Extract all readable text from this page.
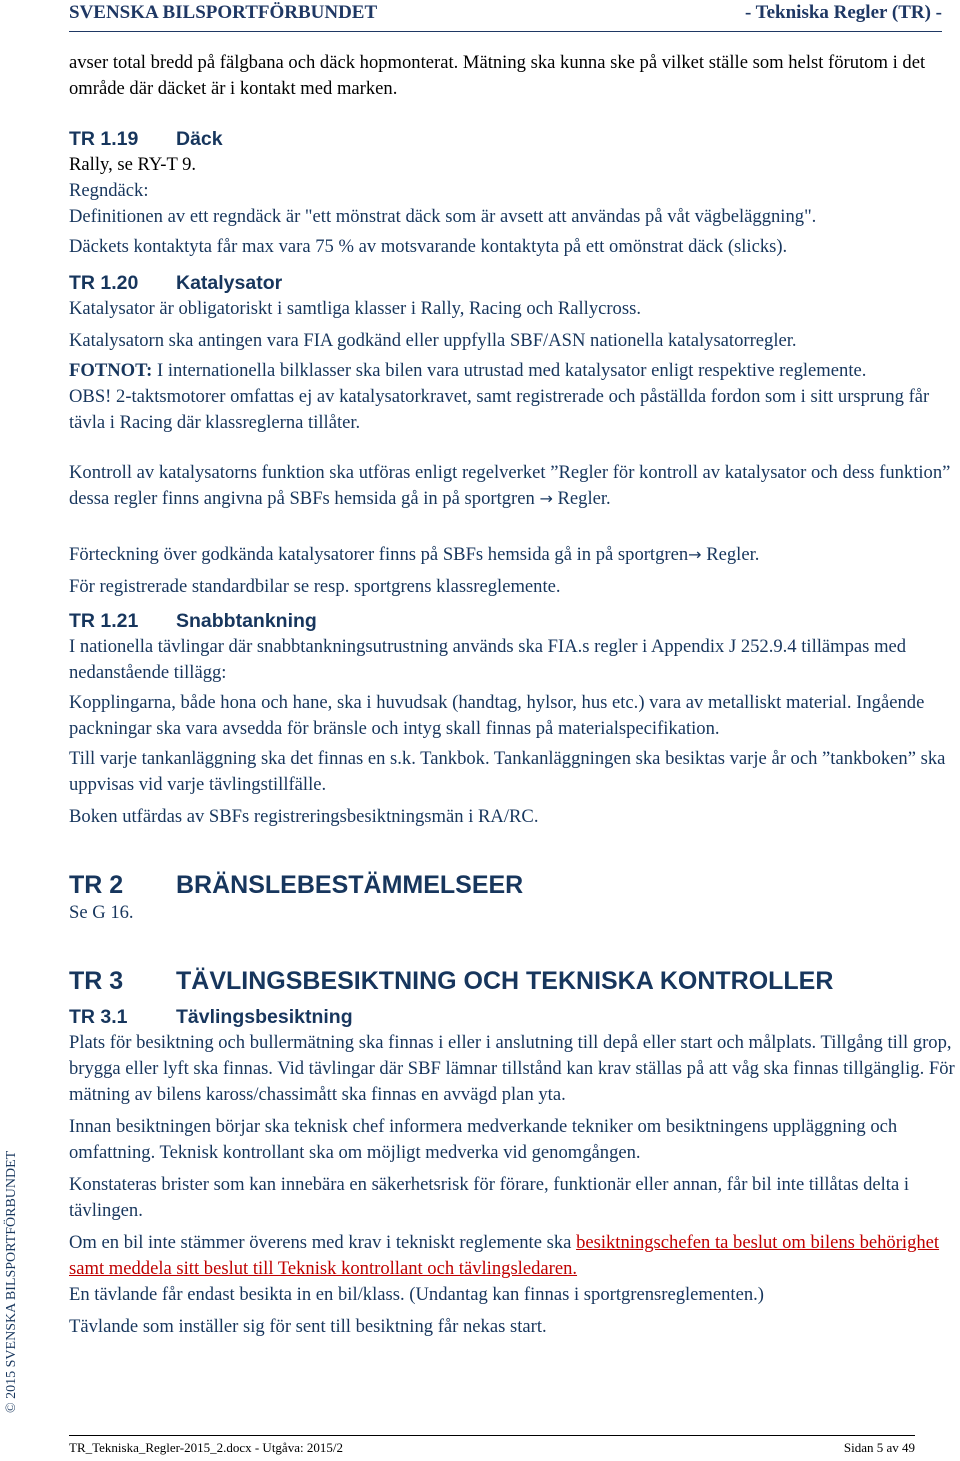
SVENSKA BILSPORTFÖRBUNDET	- Tekniska Regler (TR) -

avser total bredd på fälgbana och däck hopmonterat. Mätning ska kunna ske på vilket ställe som helst förutom i det område där däcket är i kontakt med marken.

TR 1.19	Däck

Rally, se RY-T 9.

Regndäck:

Definitionen av ett regndäck är "ett mönstrat däck som är avsett att användas på våt vägbeläggning".

Däckets kontaktyta får max vara 75 % av motsvarande kontaktyta på ett omönstrat däck (slicks).

TR 1.20	Katalysator

Katalysator är obligatoriskt i samtliga klasser i Rally, Racing och Rallycross.

Katalysatorn ska antingen vara FIA godkänd eller uppfylla SBF/ASN nationella katalysatorregler.

FOTNOT: I internationella bilklasser ska bilen vara utrustad med katalysator enligt respektive reglemente.

OBS! 2-taktsmotorer omfattas ej av katalysatorkravet, samt registrerade och påställda fordon som i sitt ursprung får tävla i Racing där klassreglerna tillåter.

Kontroll av katalysatorns funktion ska utföras enligt regelverket ”Regler för kontroll av katalysator och dess funktion” dessa regler finns angivna på SBFs hemsida gå in på sportgren → Regler.

Förteckning över godkända katalysatorer finns på SBFs hemsida gå in på sportgren→ Regler.

För registrerade standardbilar se resp. sportgrens klassreglemente.

TR 1.21	Snabbtankning

I nationella tävlingar där snabbtankningsutrustning används ska FIA.s regler i Appendix J 252.9.4 tillämpas med nedanstående tillägg:

Kopplingarna, både hona och hane, ska i huvudsak (handtag, hylsor, hus etc.) vara av metalliskt material. Ingående packningar ska vara avsedda för bränsle och intyg skall finnas på materialspecifikation.

Till varje tankanläggning ska det finnas en s.k. Tankbok. Tankanläggningen ska besiktas varje år och ”tankboken” ska uppvisas vid varje tävlingstillfälle.

Boken utfärdas av SBFs registreringsbesiktningsmän i RA/RC.

TR 2	BRÄNSLEBESTÄMMELSEER

Se G 16.

TR 3	TÄVLINGSBESIKTNING OCH TEKNISKA KONTROLLER
TR 3.1	Tävlingsbesiktning

Plats för besiktning och bullermätning ska finnas i eller i anslutning till depå eller start och målplats. Tillgång till grop, brygga eller lyft ska finnas. Vid tävlingar där SBF lämnar tillstånd kan krav ställas på att våg ska finnas tillgänglig. För mätning av bilens kaross/chassimått ska finnas en avvägd plan yta.

Innan besiktningen börjar ska teknisk chef informera medverkande tekniker om besiktningens uppläggning och omfattning. Teknisk kontrollant ska om möjligt medverka vid genomgången.

Konstateras brister som kan innebära en säkerhetsrisk för förare, funktionär eller annan, får bil inte tillåtas delta i tävlingen.

Om en bil inte stämmer överens med krav i tekniskt reglemente ska besiktningschefen ta beslut om bilens behörighet samt meddela sitt beslut till Teknisk kontrollant och tävlingsledaren.

En tävlande får endast besikta in en bil/klass. (Undantag kan finnas i sportgrensreglementen.)

Tävlande som inställer sig för sent till besiktning får nekas start.

© 2015 SVENSKA BILSPORTFÖRBUNDET
TR_Tekniska_Regler-2015_2.docx - Utgåva: 2015/2	Sidan 5 av 49
